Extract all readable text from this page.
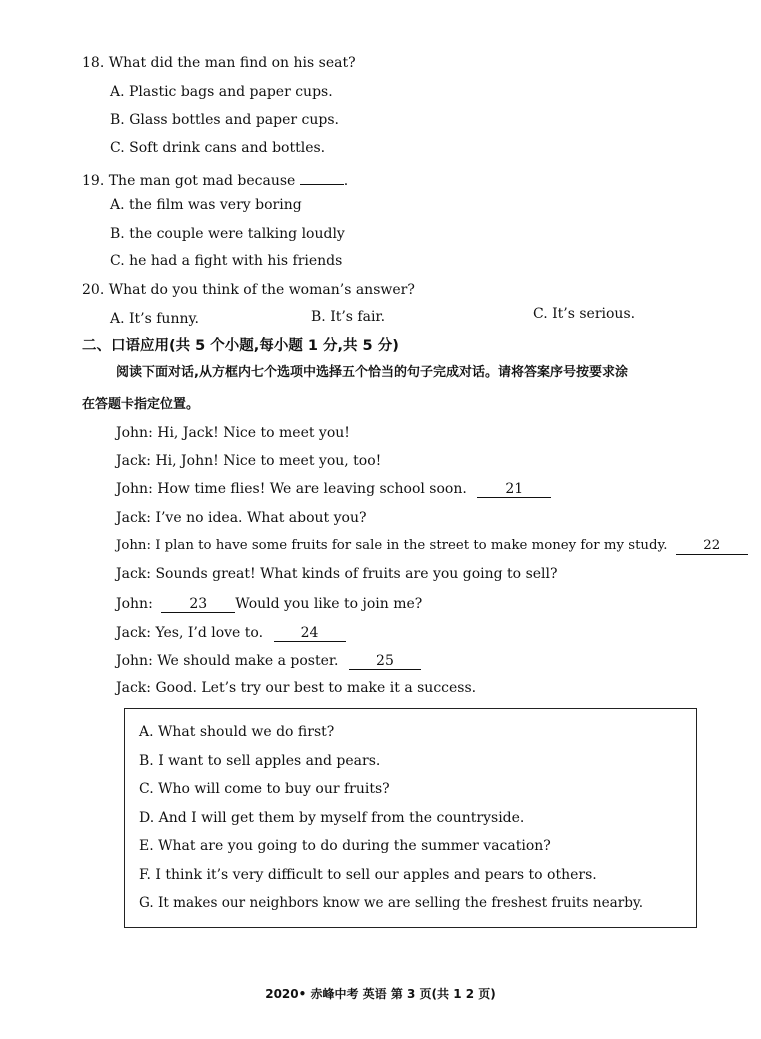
18. What did the man find on his seat?
A. Plastic bags and paper cups.
B. Glass bottles and paper cups.
C. Soft drink cans and bottles.
19. The man got mad because	.
A. the film was very boring
B. the couple were talking loudly
C. he had a fight with his friends
20. What do you think of the woman’s answer?
A. It’s funny.	B. It’s fair.	C. It’s serious.
二、口语应用(共 5 个小题,每小题 1 分,共 5 分)
阅读下面对话,从方框内七个选项中选择五个恰当的句子完成对话。请将答案序号按要求涂
在答题卡指定位置。
John: Hi, Jack! Nice to meet you!
Jack: Hi, John! Nice to meet you, too!
John: How time flies! We are leaving school soon.	21
Jack: I’ve no idea. What about you?
John: I plan to have some fruits for sale in the street to make money for my study.	22
Jack: Sounds great! What kinds of fruits are you going to sell?
John:	23 Would you like to join me?
Jack: Yes, I’d love to.	24
John: We should make a poster.	25
Jack: Good. Let’s try our best to make it a success.
A. What should we do first?
B. I want to sell apples and pears.
C. Who will come to buy our fruits?
D. And I will get them by myself from the countryside.
E. What are you going to do during the summer vacation?
F. I think it’s very difficult to sell our apples and pears to others.
G. It makes our neighbors know we are selling the freshest fruits nearby.
2020• 赤峰中考 英语 第 3 页(共 1 2 页)
